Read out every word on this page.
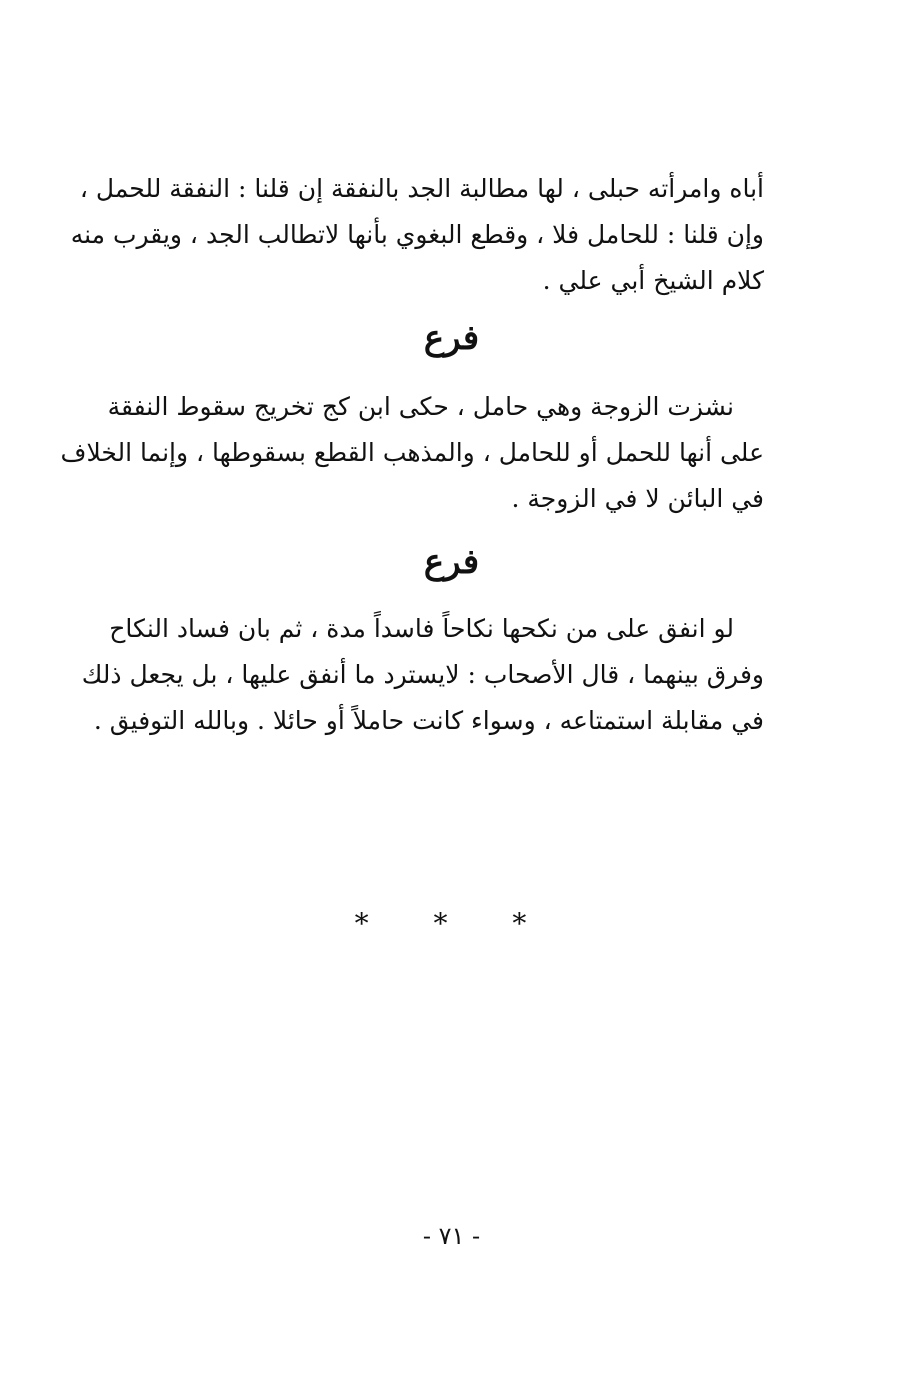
أباه وامرأته حبلى ، لها مطالبة الجد بالنفقة إن قلنا : النفقة للحمل ،
وإن قلنا : للحامل فلا ، وقطع البغوي بأنها لاتطالب الجد ، ويقرب منه
كلام الشيخ أبي علي .
فرع
نشزت الزوجة وهي حامل ، حكى ابن كج تخريج سقوط النفقة
على أنها للحمل أو للحامل ، والمذهب القطع بسقوطها ، وإنما الخلاف
في البائن لا في الزوجة .
فرع
لو انفق على من نكحها نكاحاً فاسداً مدة ، ثم بان فساد النكاح
وفرق بينهما ، قال الأصحاب : لايسترد ما أنفق عليها ، بل يجعل ذلك
في مقابلة استمتاعه ، وسواء كانت حاملاً أو حائلا . وبالله التوفيق .
* * *
- ٧١ -
